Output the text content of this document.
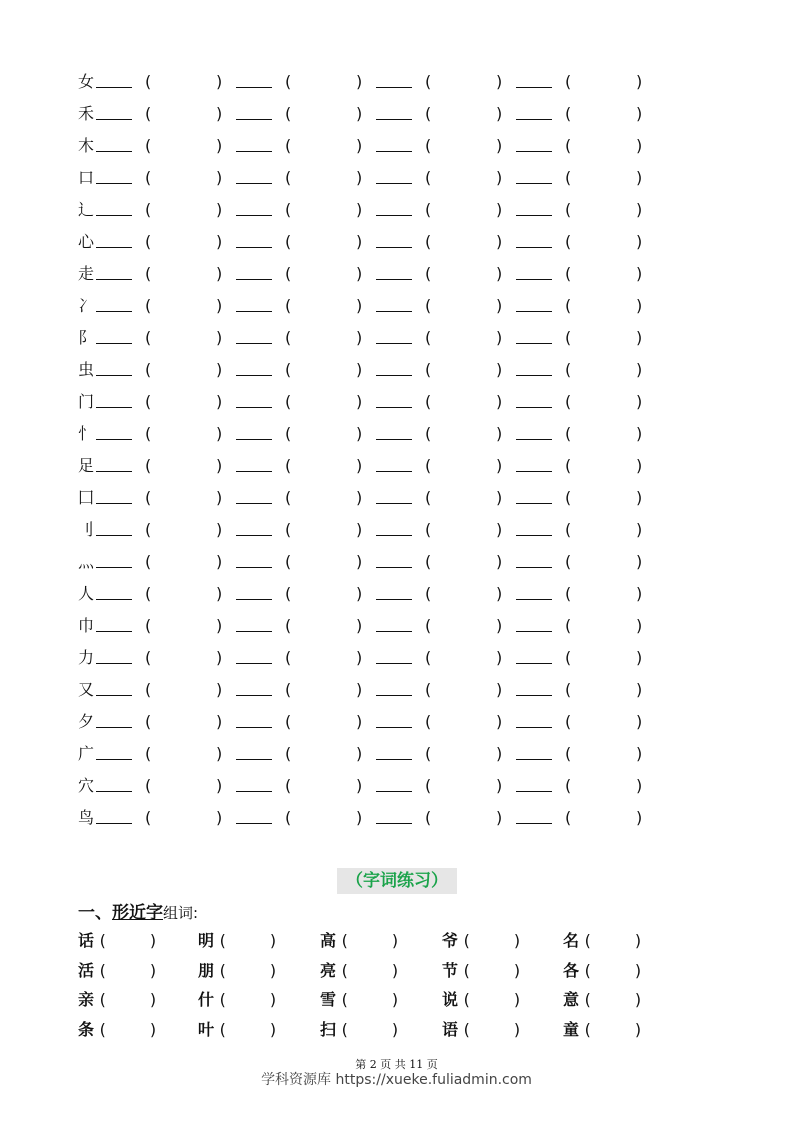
女	(	)	(	)	(	)	(	)
禾	(	)	(	)	(	)	(	)
木	(	)	(	)	(	)	(	)
口	(	)	(	)	(	)	(	)
辶	(	)	(	)	(	)	(	)
心	(	)	(	)	(	)	(	)
走	(	)	(	)	(	)	(	)
冫	(	)	(	)	(	)	(	)
阝	(	)	(	)	(	)	(	)
虫	(	)	(	)	(	)	(	)
门	(	)	(	)	(	)	(	)
忄	(	)	(	)	(	)	(	)
足	(	)	(	)	(	)	(	)
囗	(	)	(	)	(	)	(	)
刂	(	)	(	)	(	)	(	)
灬	(	)	(	)	(	)	(	)
人	(	)	(	)	(	)	(	)
巾	(	)	(	)	(	)	(	)
力	(	)	(	)	(	)	(	)
又	(	)	(	)	(	)	(	)
夕	(	)	(	)	(	)	(	)
广	(	)	(	)	(	)	(	)
穴	(	)	(	)	(	)	(	)
鸟	(	)	(	)	(	)	(	)
（字词练习）
一、形近字组词:
话 (	)	明 (	)	高 (	)	爷 (	)	名 (	)
活 (	)	朋 (	)	亮 (	)	节 (	)	各 (	)
亲 (	)	什 (	)	雪 (	)	说 (	)	意 (	)
条 (	)	叶 (	)	扫 (	)	语 (	)	童 (	)
第 2 页 共 11 页
学科资源库 https://xueke.fuliadmin.com
